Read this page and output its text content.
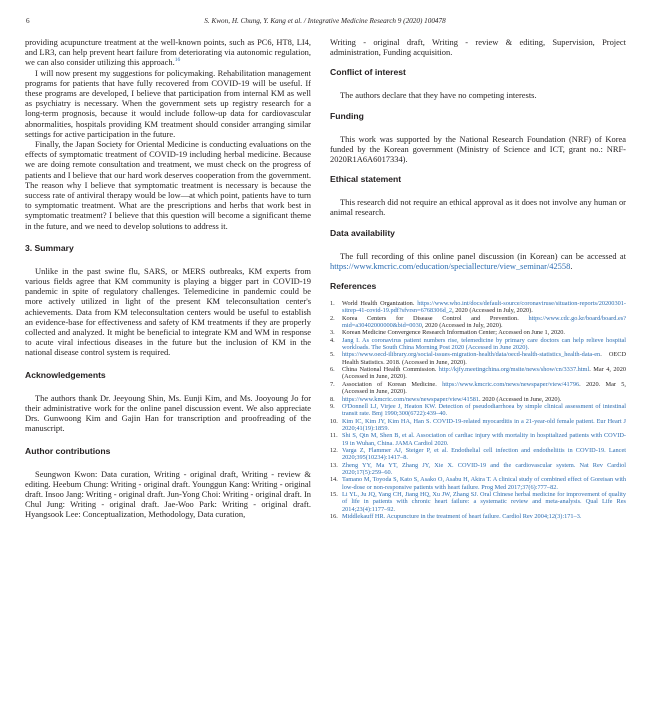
6	S. Kwon, H. Chung, Y. Kang et al. / Integrative Medicine Research 9 (2020) 100478

providing acupuncture treatment at the well-known points, such as PC6, HT8, LI4, and LR3, can help prevent heart failure from deteriorating via autonomic regulation, we can also consider utilizing this approach.$^{16}$

I will now present my suggestions for policymaking. Rehabilitation management programs for patients that have fully recovered from COVID-19 will be useful. If these programs are developed, I believe that participation from internal KM as well as psychiatry is necessary. When the government sets up registry research for a long-term prognosis, because it would include follow-up data for cardiovascular abnormalities, hospitals providing KM treatment should consider arranging similar settings for active participation in the future.

Finally, the Japan Society for Oriental Medicine is conducting evaluations on the effects of symptomatic treatment of COVID-19 including herbal medicine. Because we are doing remote consultation and treatment, we must check on the progress of patients and I believe that our hard work deserves cooperation from the government. The reason why I believe that symptomatic treatment is necessary is because the success rate of antiviral therapy would be low—at which point, patients have to turn to symptomatic treatment. What are the prescriptions and herbs that work best in symptomatic treatment? I believe that this question will become a significant theme in the future, and we need to develop solutions to address it.

3. Summary

Unlike in the past swine flu, SARS, or MERS outbreaks, KM experts from various fields agree that KM community is playing a bigger part in COVID-19 pandemic in spite of regulatory challenges. Telemedicine in pandemic could be more actively utilized in light of the present KM teleconsultation center's achievements. Data from KM teleconsultation centers would be useful to establish an evidence-base for effectiveness and safety of KM treatments if they are properly collected and analyzed. It might be beneficial to integrate KM and WM in response to acute viral infectious diseases in the future but the inclusion of KM in the national disease control system is required.

Acknowledgements

The authors thank Dr. Jeeyoung Shin, Ms. Eunji Kim, and Ms. Jooyoung Jo for their administrative work for the online panel discussion event. We also appreciate Drs. Gunwoong Kim and Gajin Han for transcription and proofreading of the manuscript.

Author contributions

Seungwon Kwon: Data curation, Writing - original draft, Writing - review & editing. Heebum Chung: Writing - original draft. Younggun Kang: Writing - original draft. Insoo Jang: Writing - original draft. Jun-Yong Choi: Writing - original draft. In Chul Jung: Writing - original draft. Jae-Woo Park: Writing - original draft. Hyangsook Lee: Conceptualization, Methodology, Data curation,

Writing - original draft, Writing - review & editing, Supervision, Project administration, Funding acquisition.

Conflict of interest

The authors declare that they have no competing interests.

Funding

This work was supported by the National Research Foundation (NRF) of Korea funded by the Korean government (Ministry of Science and ICT, grant no.: NRF-2020R1A6A6017334).

Ethical statement

This research did not require an ethical approval as it does not involve any human or animal research.

Data availability

The full recording of this online panel discussion (in Korean) can be accessed at https://www.kmcric.com/education/speciallecture/view_seminar/42558.

References
1. World Health Organization. https://www.who.int/docs/default-source/coronaviruse/situation-reports/20200301-sitrep-41-covid-19.pdf?sfvrsn=6768306d_2, 2020 (Accessed in July, 2020).
2. Korea Centers for Disease Control and Prevention. https://www.cdc.go.kr/board/board.es?mid=a30402000000&bid=0030, 2020 (Accessed in July, 2020).
3. Korean Medicine Convergence Research Information Center; Accessed on June 1, 2020.
4. Jang I. As coronavirus patient numbers rise, telemedicine by primary care doctors can help relieve hospital workloads. The South China Morning Post 2020 (Accessed in June 2020).
5. https://www.oecd-ilibrary.org/social-issues-migration-health/data/oecd-health-statistics_health-data-en. OECD Health Statistics. 2018. (Accessed in June, 2020).
6. China National Health Commission. http://kjfy.meetingchina.org/msite/news/show/cn/3337.html. Mar 4, 2020 (Accessed in June, 2020).
7. Association of Korean Medicine. https://www.kmcric.com/news/newspaper/view/41796. 2020. Mar 5, (Accessed in June, 2020).
8. https://www.kmcric.com/news/newspaper/view/41581. 2020 (Accessed in June, 2020).
9. O'Donnell LJ, Virjee J, Heaton KW. Detection of pseudodiarrhoea by simple clinical assessment of intestinal transit rate. Bmj 1990;300(6722):439–40.
10. Kim IC, Kim JY, Kim HA, Han S. COVID-19-related myocarditis in a 21-year-old female patient. Eur Heart J 2020;41(19):1859.
11. Shi S, Qin M, Shen B, et al. Association of cardiac injury with mortality in hospitalized patients with COVID-19 in Wuhan, China. JAMA Cardiol 2020.
12. Varga Z, Flammer AJ, Steiger P, et al. Endothelial cell infection and endotheliitis in COVID-19. Lancet 2020;395(10234):1417–8.
13. Zheng YY, Ma YT, Zhang JY, Xie X. COVID-19 and the cardiovascular system. Nat Rev Cardiol 2020;17(5):259–60.
14. Tamano M, Toyoda S, Kato S, Asako O, Asabu H, Akira T. A clinical study of combined effect of Goreisan with low-dose or non-responsive patients with heart failure. Prog Med 2017;37(6):777–82.
15. Li YL, Ju JQ, Yang CH, Jiang HQ, Xu JW, Zhang SJ. Oral Chinese herbal medicine for improvement of quality of life in patients with chronic heart failure: a systematic review and meta-analysis. Qual Life Res 2014;23(4):1177–92.
16. Middlekauff HR. Acupuncture in the treatment of heart failure. Cardiol Rev 2004;12(3):171–3.
